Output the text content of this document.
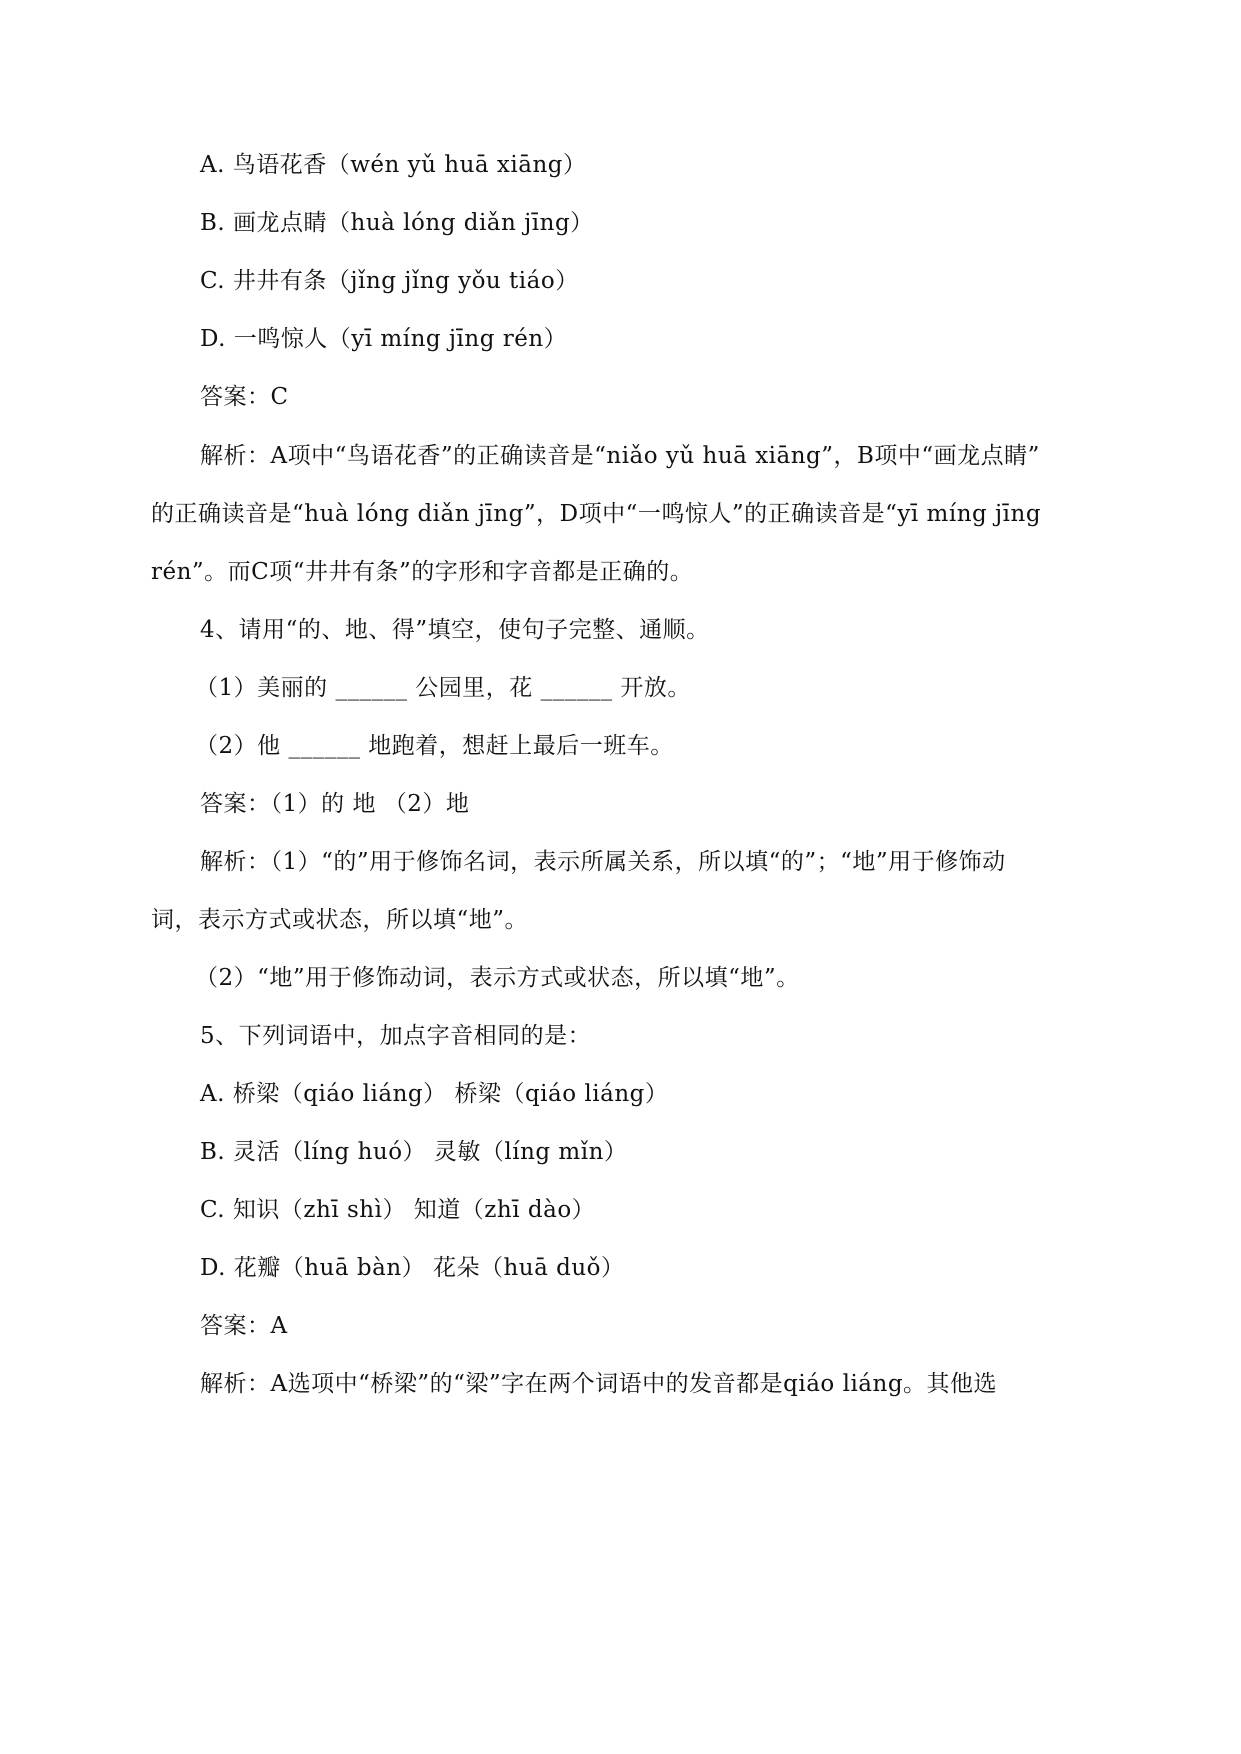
A. 鸟语花香（wén yǔ huā xiāng）
B. 画龙点睛（huà lóng diǎn jīng）
C. 井井有条（jǐng jǐng yǒu tiáo）
D. 一鸣惊人（yī míng jīng rén）
答案：C
解析：A项中“鸟语花香”的正确读音是“niǎo yǔ huā xiāng”，B项中“画龙点睛”
的正确读音是“huà lóng diǎn jīng”，D项中“一鸣惊人”的正确读音是“yī míng jīng
rén”。而C项“井井有条”的字形和字音都是正确的。
4、请用“的、地、得”填空，使句子完整、通顺。
（1）美丽的 ______ 公园里，花 ______ 开放。
（2）他 ______ 地跑着，想赶上最后一班车。
答案：（1）的 地 （2）地
解析：（1）“的”用于修饰名词，表示所属关系，所以填“的”；“地”用于修饰动
词，表示方式或状态，所以填“地”。
（2）“地”用于修饰动词，表示方式或状态，所以填“地”。
5、下列词语中，加点字音相同的是：
A. 桥梁（qiáo liáng） 桥梁（qiáo liáng）
B. 灵活（líng huó） 灵敏（líng mǐn）
C. 知识（zhī shì） 知道（zhī dào）
D. 花瓣（huā bàn） 花朵（huā duǒ）
答案：A
解析：A选项中“桥梁”的“梁”字在两个词语中的发音都是qiáo liáng。其他选
